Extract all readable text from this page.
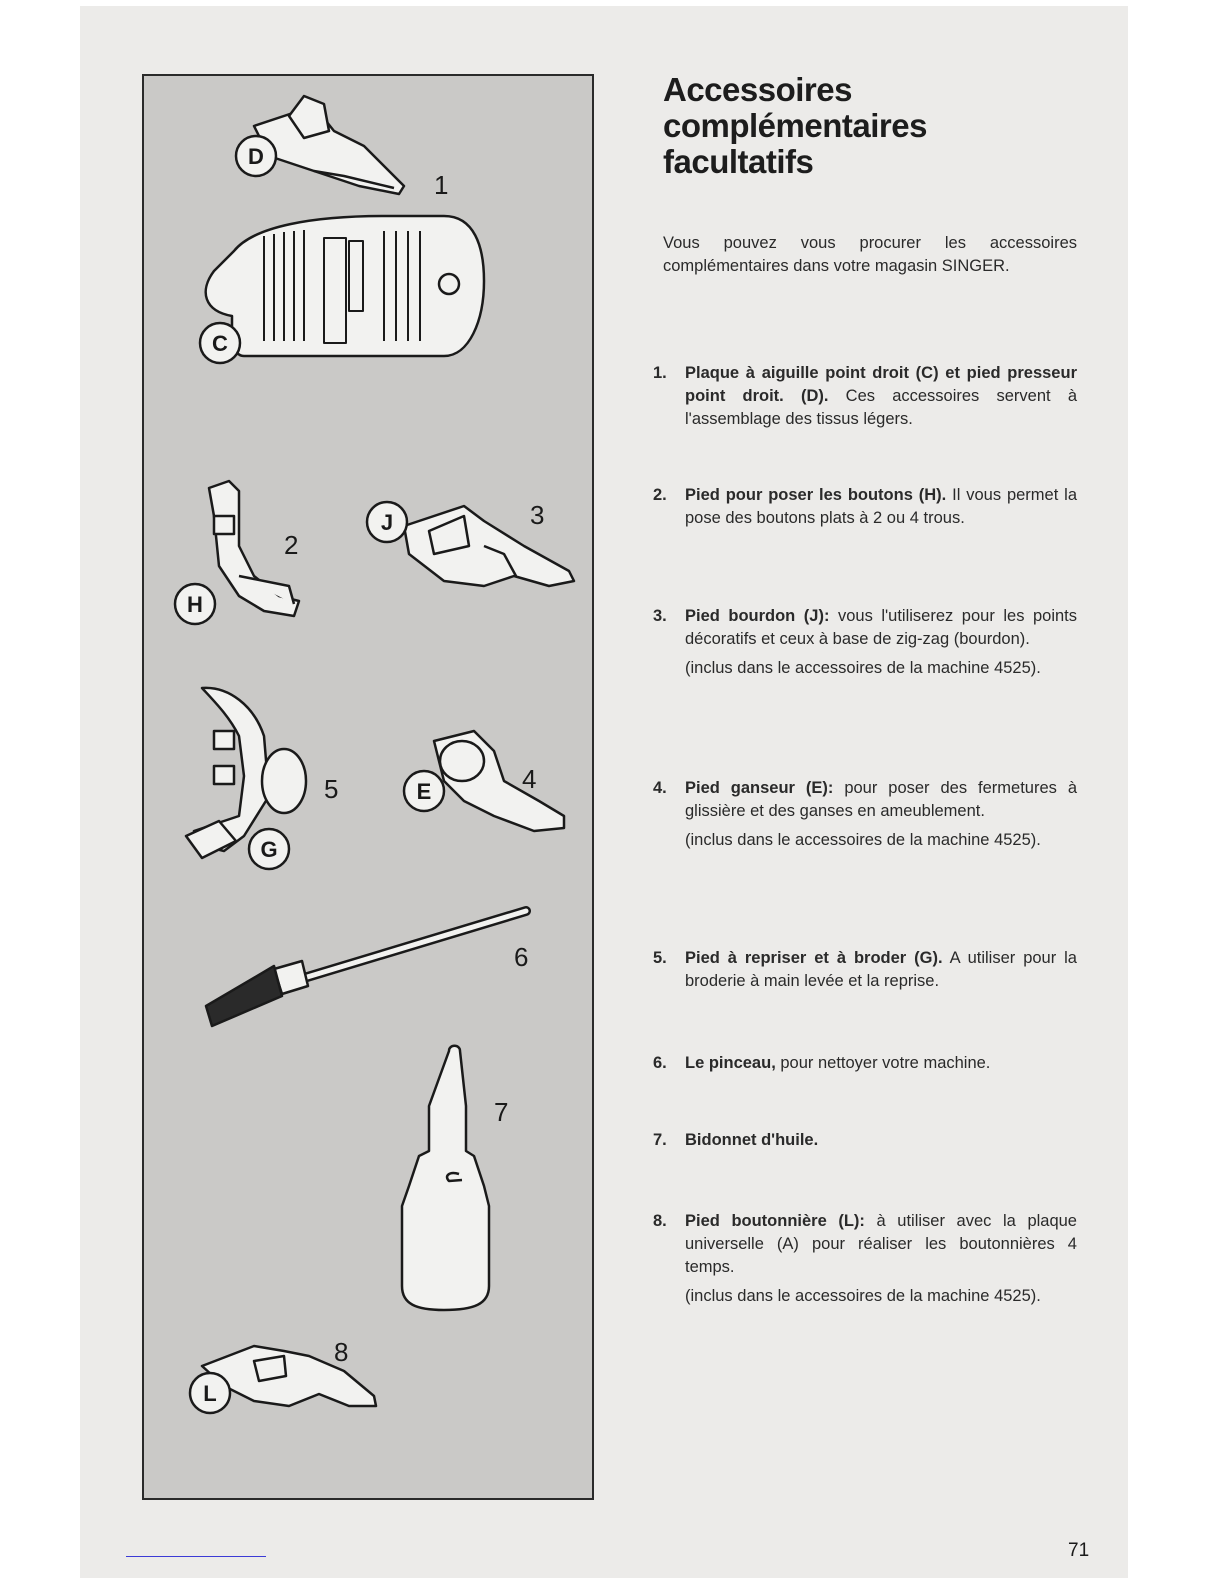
D
C
H
J
E
G
L
1
2
3
4
5
6
7
8
Accessoires
complémentaires
facultatifs
Vous pouvez vous procurer les accessoires complémentaires dans votre magasin SINGER.
1. Plaque à aiguille point droit (C) et pied presseur point droit. (D). Ces accessoires servent à l'assemblage des tissus légers.
2. Pied pour poser les boutons (H). Il vous permet la pose des boutons plats à 2 ou 4 trous.
3. Pied bourdon (J): vous l'utiliserez pour les points décoratifs et ceux à base de zig-zag (bourdon).
(inclus dans le accessoires de la machine 4525).
4. Pied ganseur (E): pour poser des fermetures à glissière et des ganses en ameublement.
(inclus dans le accessoires de la machine 4525).
5. Pied à repriser et à broder (G). A utiliser pour la broderie à main levée et la reprise.
6. Le pinceau, pour nettoyer votre machine.
7. Bidonnet d'huile.
8. Pied boutonnière (L): à utiliser avec la plaque universelle (A) pour réaliser les boutonnières 4 temps.
(inclus dans le accessoires de la machine 4525).
71
